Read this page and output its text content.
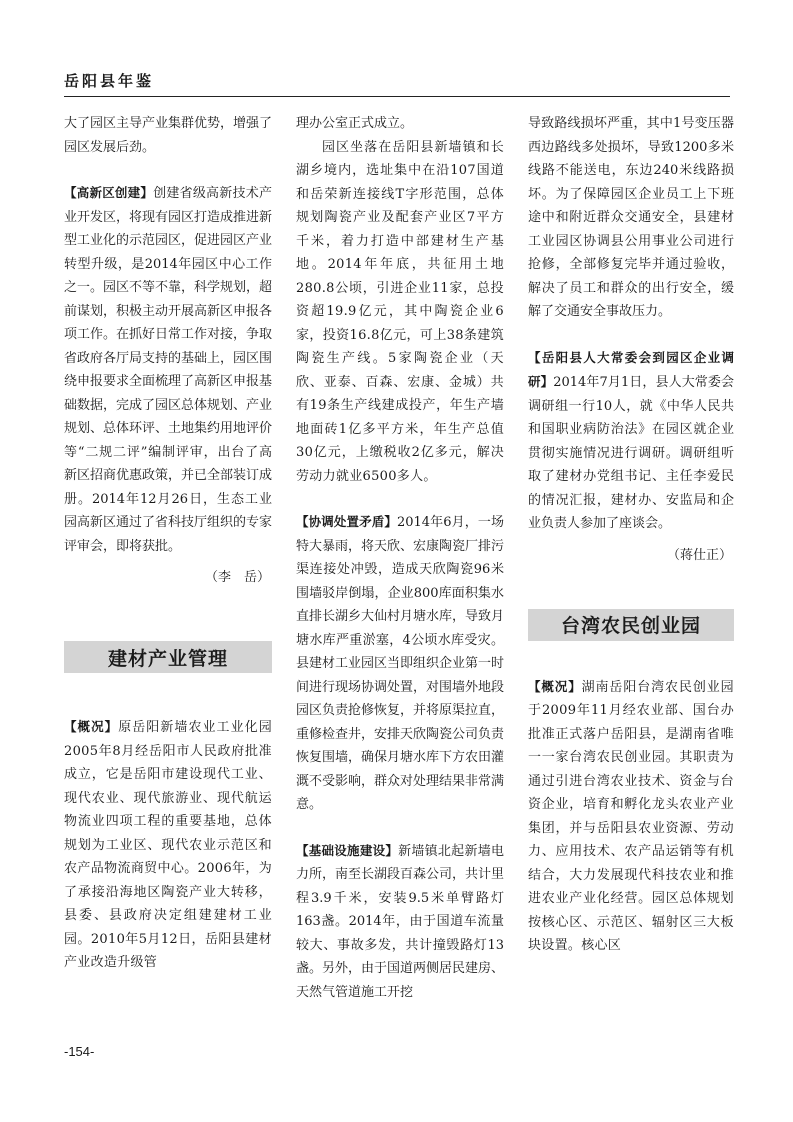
岳阳县年鉴

大了园区主导产业集群优势，增强了园区发展后劲。

【高新区创建】创建省级高新技术产业开发区，将现有园区打造成推进新型工业化的示范园区，促进园区产业转型升级，是2014年园区中心工作之一。园区不等不靠，科学规划，超前谋划，积极主动开展高新区申报各项工作。在抓好日常工作对接，争取省政府各厅局支持的基础上，园区围绕申报要求全面梳理了高新区申报基础数据，完成了园区总体规划、产业规划、总体环评、土地集约用地评价等“二规二评”编制评审，出台了高新区招商优惠政策，并已全部装订成册。2014年12月26日，生态工业园高新区通过了省科技厅组织的专家评审会，即将获批。

（李　岳）
建材产业管理

【概况】原岳阳新墙农业工业化园2005年8月经岳阳市人民政府批准成立，它是岳阳市建设现代工业、现代农业、现代旅游业、现代航运物流业四项工程的重要基地，总体规划为工业区、现代农业示范区和农产品物流商贸中心。2006年，为了承接沿海地区陶瓷产业大转移，县委、县政府决定组建建材工业园。2010年5月12日，岳阳县建材产业改造升级管

理办公室正式成立。

园区坐落在岳阳县新墙镇和长湖乡境内，选址集中在沿107国道和岳荣新连接线T字形范围，总体规划陶瓷产业及配套产业区7平方千米，着力打造中部建材生产基地。2014年年底，共征用土地280.8公顷，引进企业11家，总投资超19.9亿元，其中陶瓷企业6家，投资16.8亿元，可上38条建筑陶瓷生产线。5家陶瓷企业（天欣、亚泰、百森、宏康、金城）共有19条生产线建成投产，年生产墙地面砖1亿多平方米，年生产总值30亿元，上缴税收2亿多元，解决劳动力就业6500多人。

【协调处置矛盾】2014年6月，一场特大暴雨，将天欣、宏康陶瓷厂排污渠连接处冲毁，造成天欣陶瓷96米围墙驳岸倒塌，企业800库面积集水直排长湖乡大仙村月塘水库，导致月塘水库严重淤塞，4公顷水库受灾。县建材工业园区当即组织企业第一时间进行现场协调处置，对围墙外地段园区负责抢修恢复，并将原渠拉直，重修检查井，安排天欣陶瓷公司负责恢复围墙，确保月塘水库下方农田灌溉不受影响，群众对处理结果非常满意。

【基础设施建设】新墙镇北起新墙电力所，南至长湖段百森公司，共计里程3.9千米，安装9.5米单臂路灯163盏。2014年，由于国道车流量较大、事故多发，共计撞毁路灯13盏。另外，由于国道两侧居民建房、天然气管道施工开挖

导致路线损坏严重，其中1号变压器西边路线多处损坏，导致1200多米线路不能送电，东边240米线路损坏。为了保障园区企业员工上下班途中和附近群众交通安全，县建材工业园区协调县公用事业公司进行抢修，全部修复完毕并通过验收，解决了员工和群众的出行安全，缓解了交通安全事故压力。

【岳阳县人大常委会到园区企业调研】2014年7月1日，县人大常委会调研组一行10人，就《中华人民共和国职业病防治法》在园区就企业贯彻实施情况进行调研。调研组听取了建材办党组书记、主任李爱民的情况汇报，建材办、安监局和企业负责人参加了座谈会。

（蒋仕正）
台湾农民创业园

【概况】湖南岳阳台湾农民创业园于2009年11月经农业部、国台办批准正式落户岳阳县，是湖南省唯一一家台湾农民创业园。其职责为通过引进台湾农业技术、资金与台资企业，培育和孵化龙头农业产业集团，并与岳阳县农业资源、劳动力、应用技术、农产品运销等有机结合，大力发展现代科技农业和推进农业产业化经营。园区总体规划按核心区、示范区、辐射区三大板块设置。核心区

-154-
